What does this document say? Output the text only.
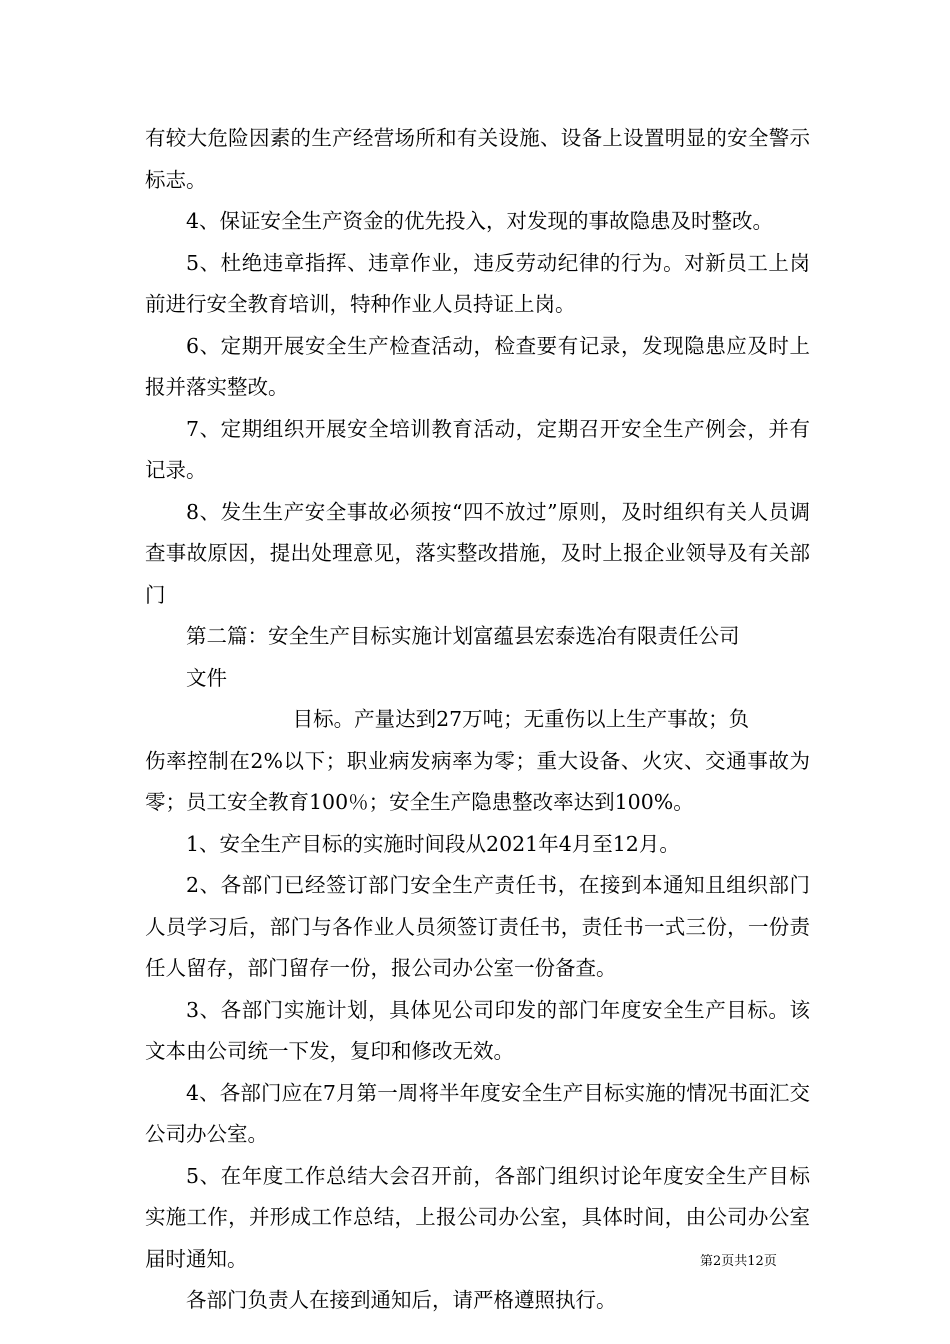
有较大危险因素的生产经营场所和有关设施、设备上设置明显的安全警示标志。

4、保证安全生产资金的优先投入，对发现的事故隐患及时整改。

5、杜绝违章指挥、违章作业，违反劳动纪律的行为。对新员工上岗前进行安全教育培训，特种作业人员持证上岗。

6、定期开展安全生产检查活动，检查要有记录，发现隐患应及时上报并落实整改。

7、定期组织开展安全培训教育活动，定期召开安全生产例会，并有记录。

8、发生生产安全事故必须按“四不放过”原则，及时组织有关人员调查事故原因，提出处理意见，落实整改措施，及时上报企业领导及有关部门

第二篇：安全生产目标实施计划富蕴县宏泰选冶有限责任公司

文件

目标。产量达到27万吨；无重伤以上生产事故；负

伤率控制在2%以下；职业病发病率为零；重大设备、火灾、交通事故为零；员工安全教育100％；安全生产隐患整改率达到100%。

1、安全生产目标的实施时间段从2021年4月至12月。

2、各部门已经签订部门安全生产责任书，在接到本通知且组织部门人员学习后，部门与各作业人员须签订责任书，责任书一式三份，一份责任人留存，部门留存一份，报公司办公室一份备查。

3、各部门实施计划，具体见公司印发的部门年度安全生产目标。该文本由公司统一下发，复印和修改无效。

4、各部门应在7月第一周将半年度安全生产目标实施的情况书面汇交公司办公室。

5、在年度工作总结大会召开前，各部门组织讨论年度安全生产目标实施工作，并形成工作总结，上报公司办公室，具体时间，由公司办公室届时通知。

各部门负责人在接到通知后，请严格遵照执行。

第2页共12页
